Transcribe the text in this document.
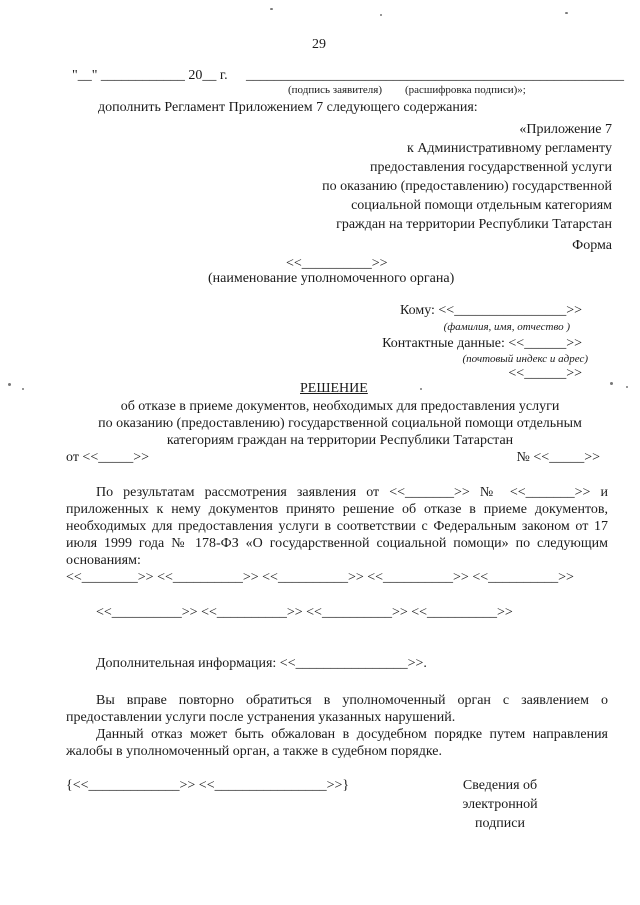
29
"__" ____________ 20__ г. ________________________ ______________________________
(подпись заявителя) (расшифровка подписи)»;
дополнить Регламент Приложением 7 следующего содержания:
«Приложение 7
к Административному регламенту
предоставления государственной услуги
по оказанию (предоставлению) государственной
социальной помощи отдельным категориям
граждан на территории Республики Татарстан
Форма
<<__________>>
(наименование уполномоченного органа)
Кому: <<________________>>
(фамилия, имя, отчество )
Контактные данные: <<______>>
(почтовый индекс и адрес)
<<______>>
РЕШЕНИЕ
об отказе в приеме документов, необходимых для предоставления услуги
по оказанию (предоставлению) государственной социальной помощи отдельным
категориям граждан на территории Республики Татарстан
от <<_____>>	№ <<_____>>
По результатам рассмотрения заявления от <<_______>> № <<_______>> и приложенных к нему документов принято решение об отказе в приеме документов, необходимых для предоставления услуги в соответствии с Федеральным законом от 17 июля 1999 года № 178-ФЗ «О государственной социальной помощи» по следующим основаниям:
<<________>> <<__________>> <<__________>> <<__________>> <<__________>>
<<__________>> <<__________>> <<__________>> <<__________>>
Дополнительная информация: <<________________>>.
Вы вправе повторно обратиться в уполномоченный орган с заявлением о предоставлении услуги после устранения указанных нарушений.
Данный отказ может быть обжалован в досудебном порядке путем направления жалобы в уполномоченный орган, а также в судебном порядке.
{<<_____________>> <<________________>>}	Сведения об
электронной
подписи
